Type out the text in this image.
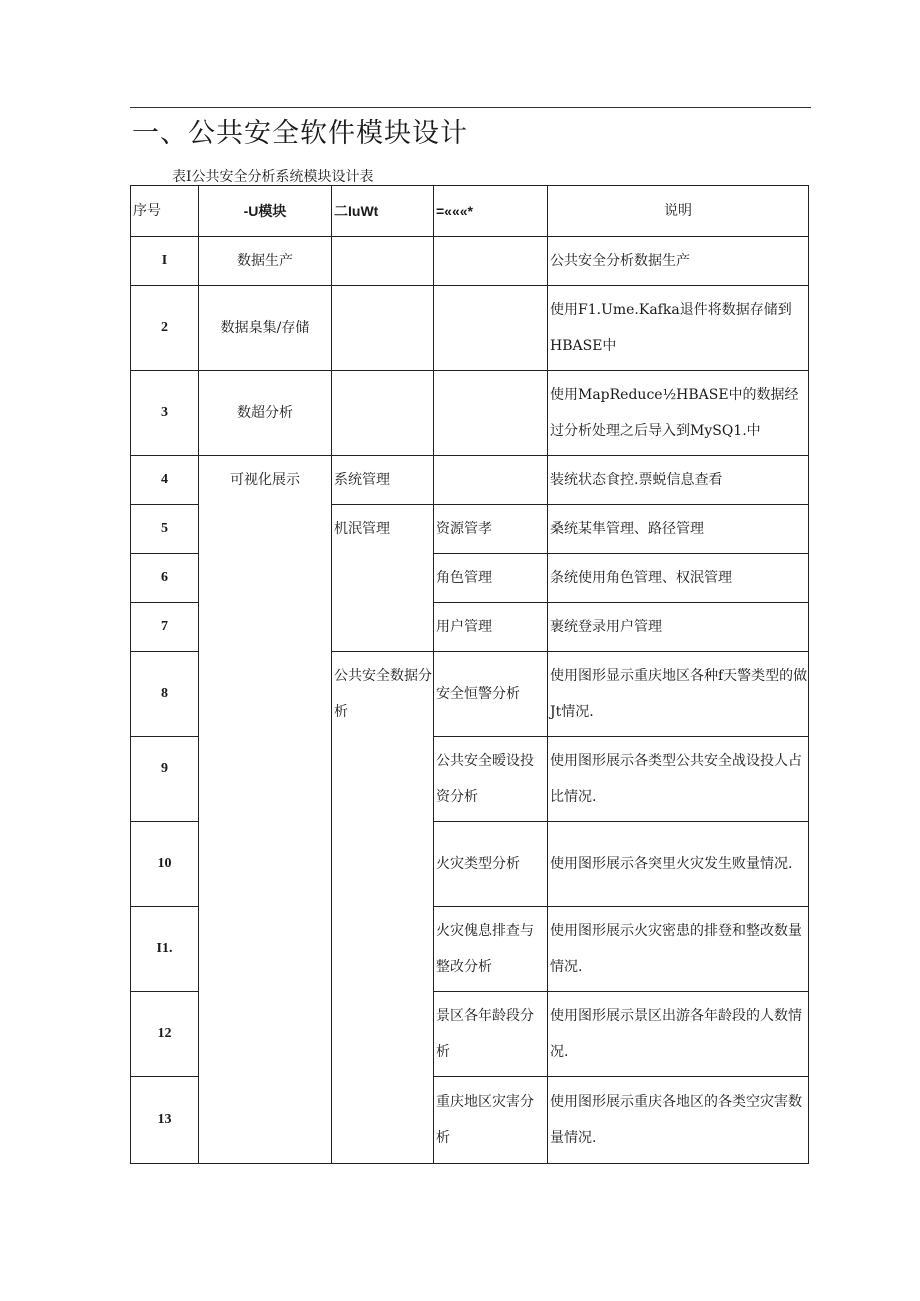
一、公共安全软件模块设计
表I公共安全分析系统模块设计表
序号	-U模块	二IuWt	=«««*	说明
I	数据生产			公共安全分析数据生产
2	数据臬集/存储			使用F1.Ume.Kafka退件将数据存储到HBASE中
3	数超分析			使用MapReduce½HBASE中的数据经过分析处理之后导入到MySQ1.中
4	可视化展示	系统管理		装统状态食控.票蜕信息查看
5		机泯管理	资源管孝	桑统某隼管理、路径管理
6			角色管理	条统使用角色管理、权泯管理
7			用户管理	裹统登录用户管理
8		公共安全数据分析	安全恒警分析	使用图形显示重庆地区各种f天警类型的做Jt情况.
9			公共安全暧设投资分析	使用图形展示各类型公共安全战设投人占比情况.
10			火灾类型分析	使用图形展示各突里火灾发生败量情况.
I1.			火灾傀息排查与整改分析	使用图形展示火灾密患的排登和整改数量情况.
12			景区各年龄段分析	使用图形展示景区出游各年龄段的人数情况.
13			重庆地区灾害分析	使用图形展示重庆各地区的各类空灾害数量情况.
